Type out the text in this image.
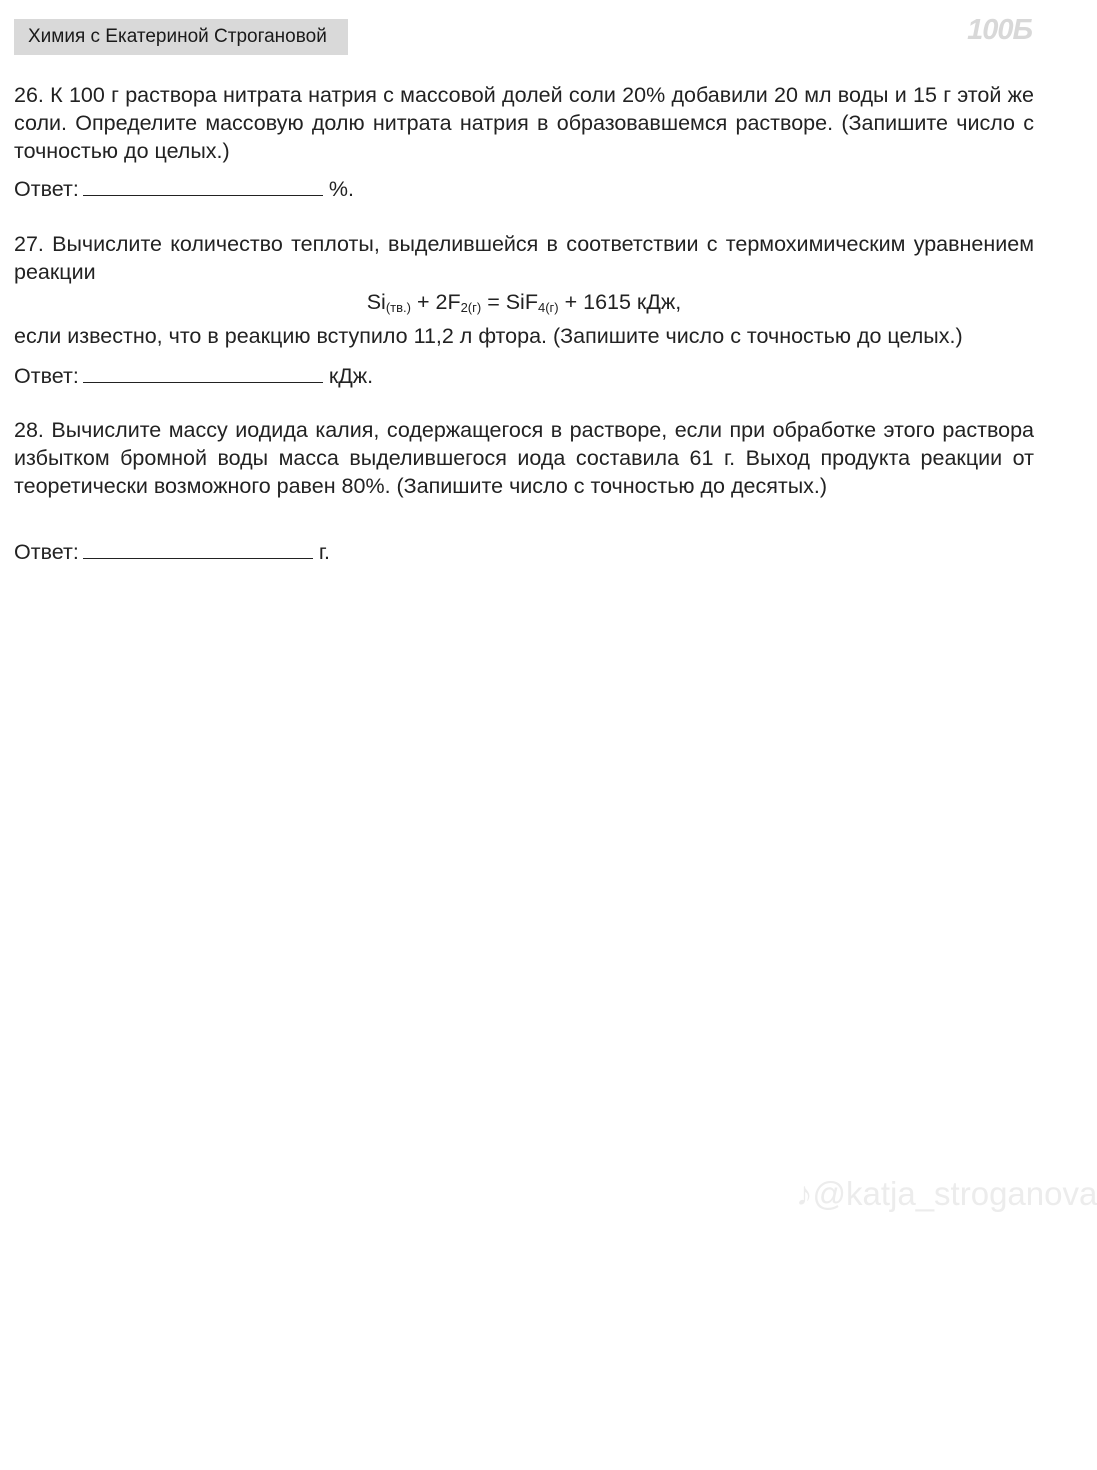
Химия с Екатериной Строгановой	100Б
26. К 100 г раствора нитрата натрия с массовой долей соли 20% добавили 20 мл воды и 15 г этой же соли. Определите массовую долю нитрата натрия в образовавшемся растворе. (Запишите число с точностью до целых.)
Ответ:	%.
27. Вычислите количество теплоты, выделившейся в соответствии с термохимическим уравнением реакции
$Si_{(тв.)} + 2F_{2(г)} = SiF_{4(г)} + 1615$ кДж,
если известно, что в реакцию вступило 11,2 л фтора. (Запишите число с точностью до целых.)
Ответ:	кДж.
28. Вычислите массу иодида калия, содержащегося в растворе, если при обработке этого раствора избытком бромной воды масса выделившегося иода составила 61 г. Выход продукта реакции от теоретически возможного равен 80%. (Запишите число с точностью до десятых.)
Ответ:	г.
♪@katja_stroganova
